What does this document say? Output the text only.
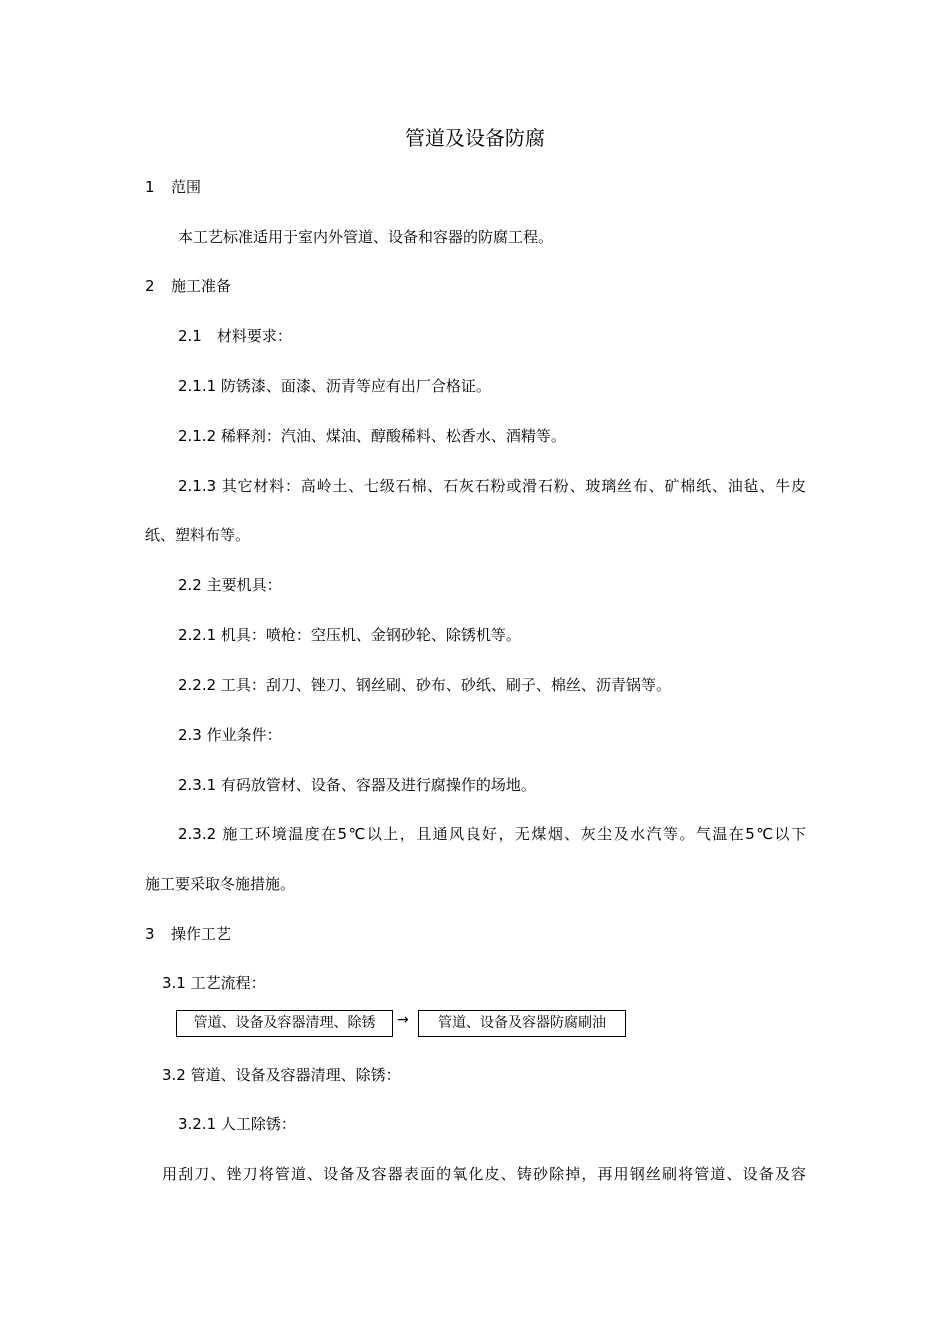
管道及设备防腐
1 范围
本工艺标准适用于室内外管道、设备和容器的防腐工程。
2 施工准备
2.1　材料要求：
2.1.1 防锈漆、面漆、沥青等应有出厂合格证。
2.1.2 稀释剂：汽油、煤油、醇酸稀料、松香水、酒精等。
2.1.3 其它材料：高岭土、七级石棉、石灰石粉或滑石粉、玻璃丝布、矿棉纸、油毡、牛皮
纸、塑料布等。
2.2 主要机具：
2.2.1 机具：喷枪：空压机、金钢砂轮、除锈机等。
2.2.2 工具：刮刀、锉刀、钢丝刷、砂布、砂纸、刷子、棉丝、沥青锅等。
2.3 作业条件：
2.3.1 有码放管材、设备、容器及进行腐操作的场地。
2.3.2 施工环境温度在5℃以上，且通风良好，无煤烟、灰尘及水汽等。气温在5℃以下
施工要采取冬施措施。
3 操作工艺
3.1 工艺流程：
管道、设备及容器清理、除锈	→	管道、设备及容器防腐刷油
3.2 管道、设备及容器清理、除锈：
3.2.1 人工除锈：
用刮刀、锉刀将管道、设备及容器表面的氧化皮、铸砂除掉，再用钢丝刷将管道、设备及容
